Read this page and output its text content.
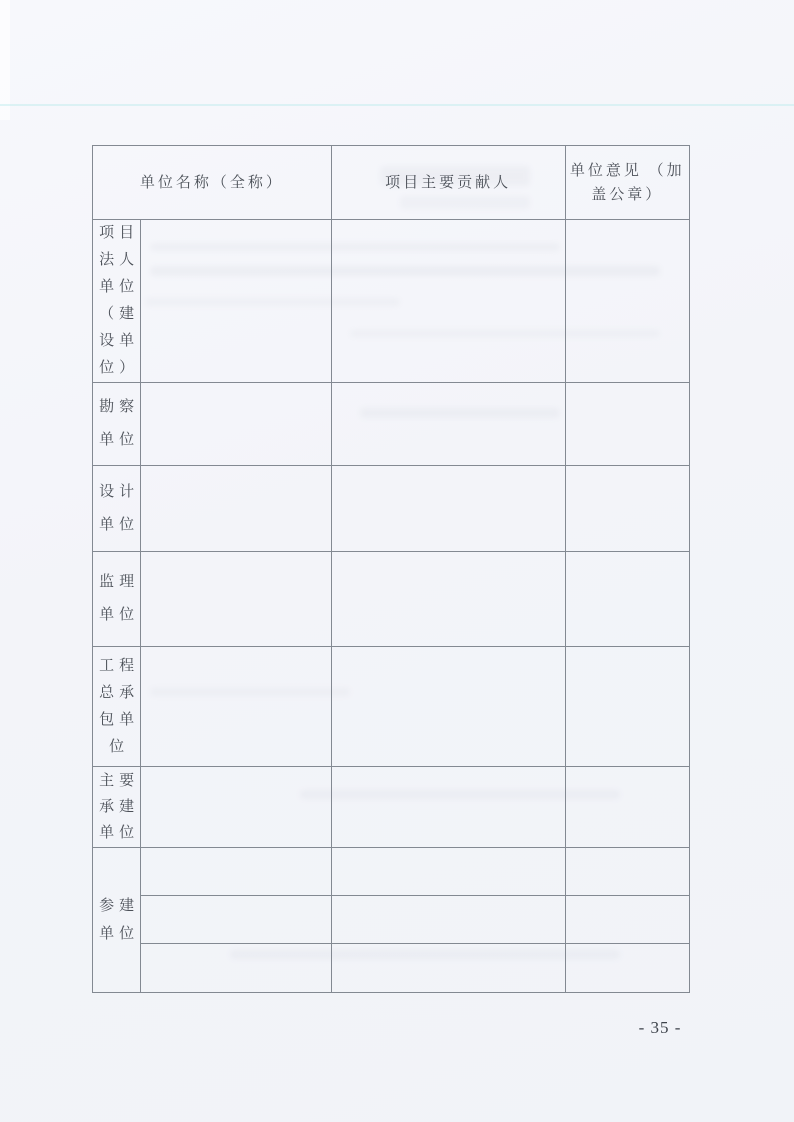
单位名称（全称）		项目主要贡献人	单位意见 （加盖公章）

项目
法人
单位
（建
设单
位）

勘察
单位			

设计
单位			

监理
单位			

工程
总承
包单
位			

主要
承建
单位			

参建
单位			

- 35 -
